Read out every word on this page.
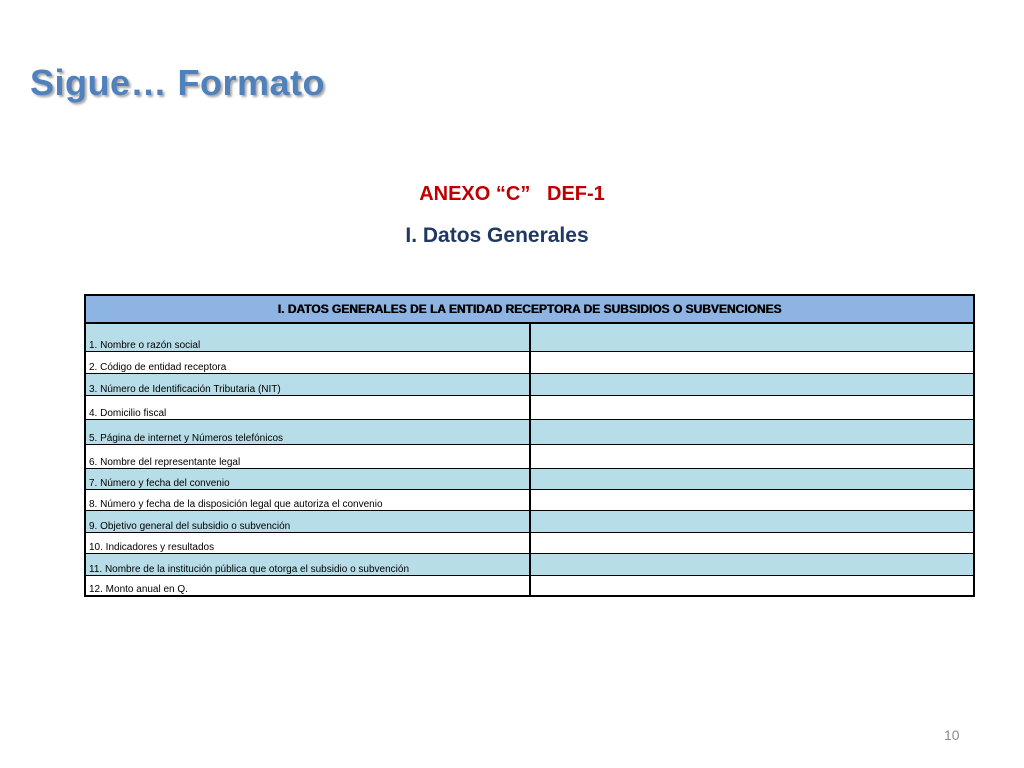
Sigue… Formato
ANEXO “C”   DEF-1
I. Datos Generales
I. DATOS GENERALES DE LA ENTIDAD RECEPTORA DE SUBSIDIOS O SUBVENCIONES	
1. Nombre o razón social	
2. Código de entidad receptora	
3. Número de Identificación Tributaria (NIT)	
4. Domicilio fiscal	
5. Página de internet y Números telefónicos	
6. Nombre del representante legal	
7. Número y fecha del convenio	
8. Número y fecha de la disposición legal que autoriza el convenio	
9. Objetivo general del subsidio o subvención	
10. Indicadores y resultados	
11. Nombre de la institución pública que otorga el subsidio o subvención	
12. Monto anual en Q.	
10
